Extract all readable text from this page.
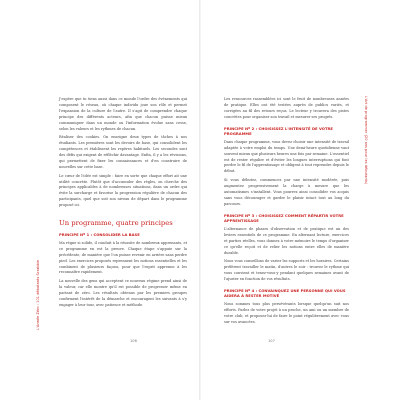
L'Année Zéro : 101 débutants Scrabble
L'Art de programmer (20 ans pour les débutants)

J'espère que tu tiens aussi dans ce monde l'ordre des évènements qui composent le réseau, où chaque individu joue son rôle et permet l'expansion de la culture de l'autre. Il s'agit de comprendre chaque principe des différents acteurs, afin que chacun puisse mieux communiquer dans un monde ou l'information évolue sans cesse, selon les valeurs et les rythmes de chacun.

Réaliser des cookies. On enseigne deux types de tâches à nos étudiants. Les premières sont les devoirs de base, qui consolident les compétences et établissent les repères habituels. Les secondes sont des défis qui exigent de réfléchir davantage. Enfin, il y a les révisions, qui permettent de fixer les connaissances et d'en construire de nouvelles sur cette base.

Le cœur de l'idée est simple : faire en sorte que chaque effort ait une utilité concrète. Plutôt que d'accumuler des règles, on cherche des principes applicables à de nombreuses situations, dans un ordre qui évite la surcharge et favorise la progression régulière de chacun des participants, quel que soit son niveau de départ dans le programme proposé ici.

Un programme, quatre principes
PRINCIPE Nº 1 : CONSOLIDER LA BASE

Ma règne si solide, il conduit à la réussite de nombreux apprenants, et ce programme en est la preuve. Chaque étape s'appuie sur la précédente, de manière que l'on puisse revenir en arrière sans perdre pied. Les exercices proposés reprennent les notions essentielles et les combinent de plusieurs façons, pour que l'esprit apprenne à les reconnaître rapidement.

La nouvelle des gens qui acceptent ce nouveau régime prend ainsi de la valeur, car elle montre qu'il est possible de progresser même en partant de zéro. Les résultats obtenus par les premiers groupes confirment l'intérêt de la démarche et encouragent les suivants à s'y engager à leur tour, avec patience et méthode.

Les ressources rassemblées ici sont le fruit de nombreuses années de pratique. Elles ont été testées auprès de publics variés, et corrigées au fil des retours reçus. Le lecteur y trouvera des pistes concrètes pour organiser son travail et mesurer ses progrès.

PRINCIPE Nº 2 : CHOISISSEZ L'INTENSITÉ DE VOTRE PROGRAMME

Dans chaque programme, vous devez choisir une intensité de travail adaptée à votre emploi du temps. Une demi-heure quotidienne vaut souvent mieux que plusieurs heures une fois par semaine. L'essentiel est de rester régulier et d'éviter les longues interruptions qui font perdre le fil de l'apprentissage et obligent à tout reprendre depuis le début.

Si vous débutez, commencez par une intensité modérée, puis augmentez progressivement la charge à mesure que les automatismes s'installent. Vous pourrez ainsi consolider vos acquis sans vous décourager et garder le plaisir intact tout au long du parcours.

PRINCIPE Nº 3 : CHOISISSEZ COMMENT RÉPARTIR VOTRE APPRENTISSAGE

L'alternance de phases d'observation et de pratique est un des leviers essentiels de ce programme. En alternant lecture, exercices et parties réelles, vous donnez à votre mémoire le temps d'organiser ce qu'elle reçoit et de relier les notions entre elles de manière durable.

Nous vous conseillons de varier les supports et les horaires. Certains préfèrent travailler le matin, d'autres le soir : trouvez le rythme qui vous convient et tenez-vous-y pendant quelques semaines avant de l'ajuster en fonction de vos résultats.

PRINCIPE Nº 4 : CONVAINQUEZ UNE PERSONNE QUI VOUS AIDERA À RESTER MOTIVÉ

Nous sommes tous plus persévérants lorsque quelqu'un suit nos efforts. Parlez de votre projet à un proche, un ami ou un membre de votre club, et proposez-lui de faire le point régulièrement avec vous sur vos avancées.

106	107
